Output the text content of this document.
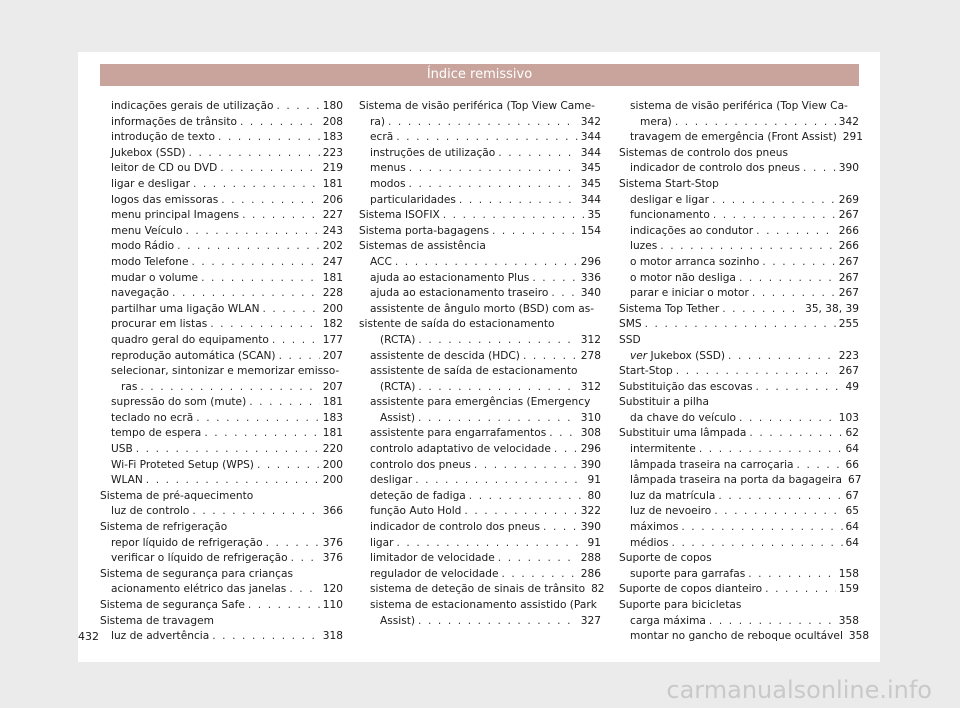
Índice remissivo
indicações gerais de utilização . . .	180
informações de trânsito . . .	208
introdução de texto . . .	183
Jukebox (SSD) . . .	223
leitor de CD ou DVD . . .	219
ligar e desligar . . .	181
logos das emissoras . . .	206
menu principal Imagens . . .	227
menu Veículo . . .	243
modo Rádio . . .	202
modo Telefone . . .	247
mudar o volume . . .	181
navegação . . .	228
partilhar uma ligação WLAN . . .	200
procurar em listas . . .	182
quadro geral do equipamento . . .	177
reprodução automática (SCAN) . . .	207
selecionar, sintonizar e memorizar emisso-
ras . . .	207
supressão do som (mute) . . .	181
teclado no ecrã . . .	183
tempo de espera . . .	181
USB . . .	220
Wi-Fi Proteted Setup (WPS) . . .	200
WLAN . . .	200
Sistema de pré-aquecimento
luz de controlo . . .	366
Sistema de refrigeração
repor líquido de refrigeração . . .	376
verificar o líquido de refrigeração . . .	376
Sistema de segurança para crianças
acionamento elétrico das janelas . . .	120
Sistema de segurança Safe . . .	110
Sistema de travagem
luz de advertência . . .	318
Sistema de visão periférica (Top View Came-
ra) . . .	342
ecrã . . .	344
instruções de utilização . . .	344
menus . . .	345
modos . . .	345
particularidades . . .	344
Sistema ISOFIX . . .	35
Sistema porta-bagagens . . .	154
Sistemas de assistência
ACC . . .	296
ajuda ao estacionamento Plus . . .	336
ajuda ao estacionamento traseiro . . .	340
assistente de ângulo morto (BSD) com as-
sistente de saída do estacionamento
(RCTA) . . .	312
assistente de descida (HDC) . . .	278
assistente de saída de estacionamento
(RCTA) . . .	312
assistente para emergências (Emergency
Assist) . . .	310
assistente para engarrafamentos . . .	308
controlo adaptativo de velocidade . . .	296
controlo dos pneus . . .	390
desligar . . .	91
deteção de fadiga . . .	80
função Auto Hold . . .	322
indicador de controlo dos pneus . . .	390
ligar . . .	91
limitador de velocidade . . .	288
regulador de velocidade . . .	286
sistema de deteção de sinais de trânsito 82
sistema de estacionamento assistido (Park
Assist) . . .	327
sistema de visão periférica (Top View Ca-
mera) . . .	342
travagem de emergência (Front Assist) 291
Sistemas de controlo dos pneus
indicador de controlo dos pneus . . .	390
Sistema Start-Stop
desligar e ligar . . .	269
funcionamento . . .	267
indicações ao condutor . . .	266
luzes . . .	266
o motor arranca sozinho . . .	267
o motor não desliga . . .	267
parar e iniciar o motor . . .	267
Sistema Top Tether . . .	35, 38, 39
SMS . . .	255
SSD
ver Jukebox (SSD) . . .	223
Start-Stop . . .	267
Substituição das escovas . . .	49
Substituir a pilha
da chave do veículo . . .	103
Substituir uma lâmpada . . .	62
intermitente . . .	64
lâmpada traseira na carroçaria . . .	66
lâmpada traseira na porta da bagageira 67
luz da matrícula . . .	67
luz de nevoeiro . . .	65
máximos . . .	64
médios . . .	64
Suporte de copos
suporte para garrafas . . .	158
Suporte de copos dianteiro . . .	159
Suporte para bicicletas
carga máxima . . .	358
montar no gancho de reboque ocultável 358
432
carmanualsonline.info
